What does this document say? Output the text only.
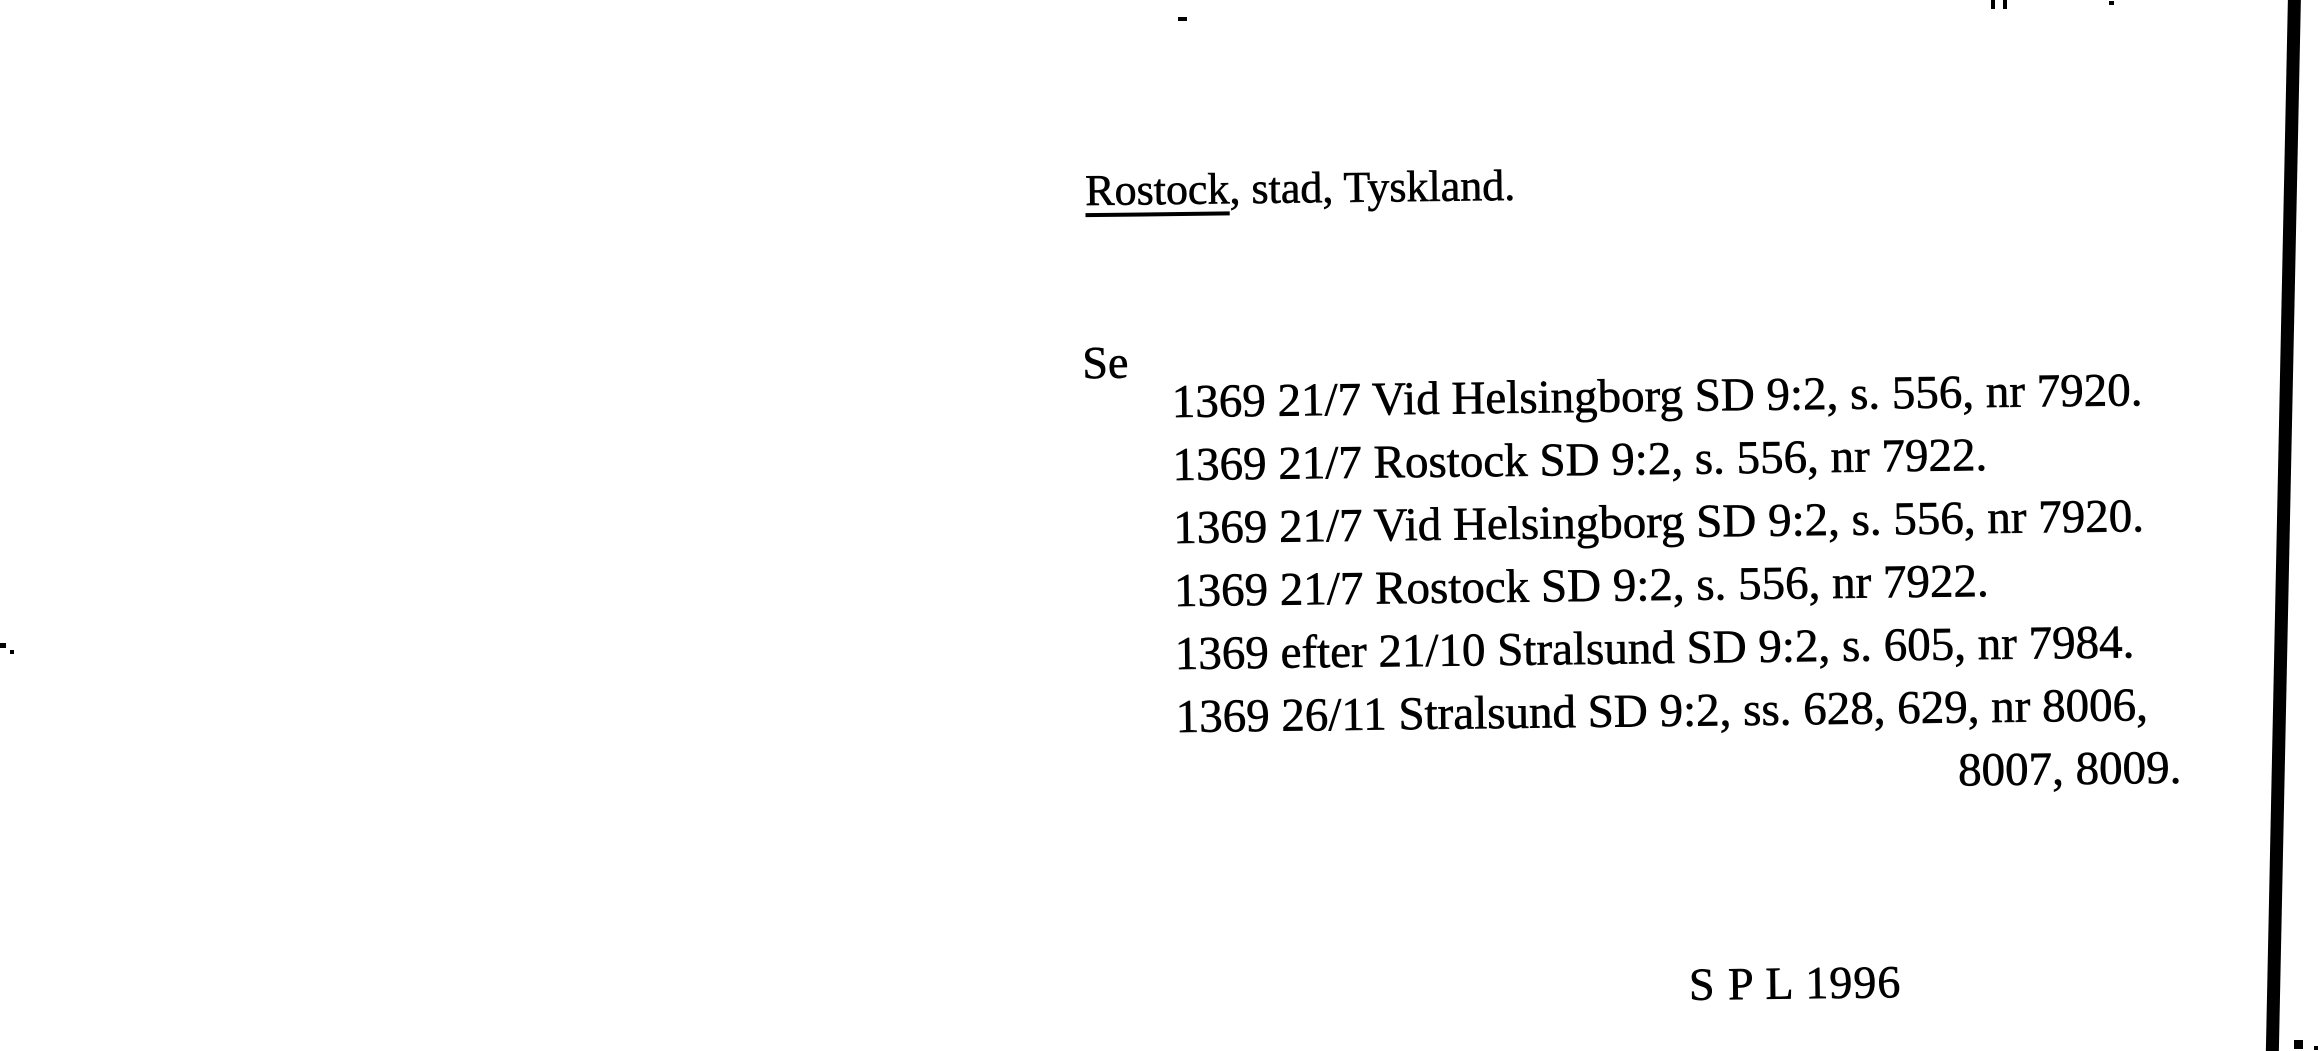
Rostock, stad, Tyskland.
Se
1369 21/7 Vid Helsingborg SD 9:2, s. 556, nr 7920.
1369 21/7 Rostock SD 9:2, s. 556, nr 7922.
1369 21/7 Vid Helsingborg SD 9:2, s. 556, nr 7920.
1369 21/7 Rostock SD 9:2, s. 556, nr 7922.
1369 efter 21/10 Stralsund SD 9:2, s. 605, nr 7984.
1369 26/11 Stralsund SD 9:2, ss. 628, 629, nr 8006,
8007, 8009.
S P L 1996
